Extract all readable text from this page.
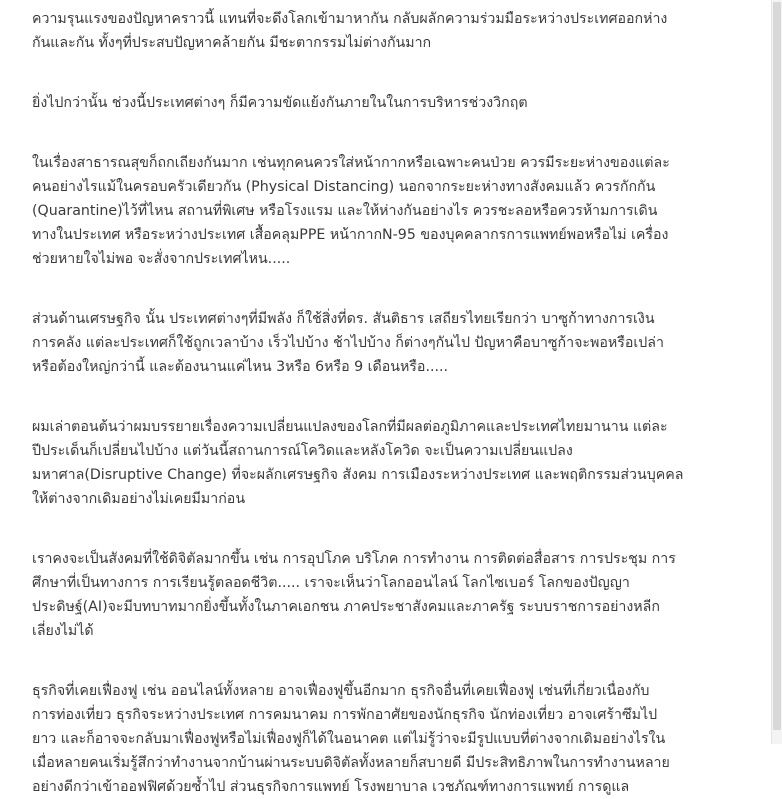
ความรุนแรงของปัญหาคราวนี้ แทนที่จะดึงโลกเข้ามาหากัน กลับผลักความร่วมมือระหว่างประเทศออกห่าง
กันและกัน ทั้งๆที่ประสบปัญหาคล้ายกัน มีชะตากรรมไม่ต่างกันมาก

ยิ่งไปกว่านั้น ช่วงนี้ประเทศต่างๆ ก็มีความขัดแย้งกันภายในในการบริหารช่วงวิกฤต

ในเรื่องสาธารณสุขก็ถกเถียงกันมาก เช่นทุกคนควรใส่หน้ากากหรือเฉพาะคนป่วย ควรมีระยะห่างของแต่ละ
คนอย่างไรแม้ในครอบครัวเดียวกัน (Physical Distancing) นอกจากระยะห่างทางสังคมแล้ว ควรกักกัน
(Quarantine)ไว้ที่ไหน สถานที่พิเศษ หรือโรงแรม และให้ห่างกันอย่างไร ควรชะลอหรือควรห้ามการเดิน
ทางในประเทศ หรือระหว่างประเทศ เสื้อคลุมPPE หน้ากากN-95 ของบุคคลากรการแพทย์พอหรือไม่ เครื่อง
ช่วยหายใจไม่พอ จะสั่งจากประเทศไหน.....

ส่วนด้านเศรษฐกิจ นั้น ประเทศต่างๆที่มีพลัง ก็ใช้สิ่งที่ดร. สันติธาร เสถียรไทยเรียกว่า บาซูก้าทางการเงิน
การคลัง แต่ละประเทศก็ใช้ถูกเวลาบ้าง เร็วไปบ้าง ช้าไปบ้าง ก็ต่างๆกันไป ปัญหาคือบาซูก้าจะพอหรือเปล่า
หรือต้องใหญ่กว่านี้ และต้องนานแค่ไหน 3หรือ 6หรือ 9 เดือนหรือ.....

ผมเล่าตอนต้นว่าผมบรรยายเรื่องความเปลี่ยนแปลงของโลกที่มีผลต่อภูมิภาคและประเทศไทยมานาน แต่ละ
ปีประเด็นก็เปลี่ยนไปบ้าง แต่วันนี้สถานการณ์โควิดและหลังโควิด จะเป็นความเปลี่ยนแปลง
มหาศาล(Disruptive Change) ที่จะผลักเศรษฐกิจ สังคม การเมืองระหว่างประเทศ และพฤติกรรมส่วนบุคคล
ให้ต่างจากเดิมอย่างไม่เคยมีมาก่อน

เราคงจะเป็นสังคมที่ใช้ดิจิตัลมากขึ้น เช่น การอุปโภค บริโภค การทำงาน การติดต่อสื่อสาร การประชุม การ
ศึกษาที่เป็นทางการ การเรียนรู้ตลอดชีวิต..... เราจะเห็นว่าโลกออนไลน์ โลกไซเบอร์ โลกของปัญญา
ประดิษฐ์(AI)จะมีบทบาทมากยิ่งขึ้นทั้งในภาคเอกชน ภาคประชาสังคมและภาครัฐ ระบบราชการอย่างหลีก
เลี่ยงไม่ได้

ธุรกิจที่เคยเฟื่องฟู เช่น ออนไลน์ทั้งหลาย อาจเฟื่องฟูขึ้นอีกมาก ธุรกิจอื่นที่เคยเฟื่องฟู เช่นที่เกี่ยวเนื่องกับ
การท่องเที่ยว ธุรกิจระหว่างประเทศ การคมนาคม การพักอาศัยของนักธุรกิจ นักท่องเที่ยว อาจเศร้าซึมไป
ยาว และก็อาจจะกลับมาเฟื่องฟูหรือไม่เฟื่องฟูก็ได้ในอนาคต แต่ไม่รู้ว่าจะมีรูปแบบที่ต่างจากเดิมอย่างไรใน
เมื่อหลายคนเริ่มรู้สึกว่าทำงานจากบ้านผ่านระบบดิจิตัลทั้งหลายก็สบายดี มีประสิทธิภาพในการทำงานหลาย
อย่างดีกว่าเข้าออฟฟิศด้วยซ้ำไป ส่วนธุรกิจการแพทย์ โรงพยาบาล เวชภัณฑ์ทางการแพทย์ การดูแล
